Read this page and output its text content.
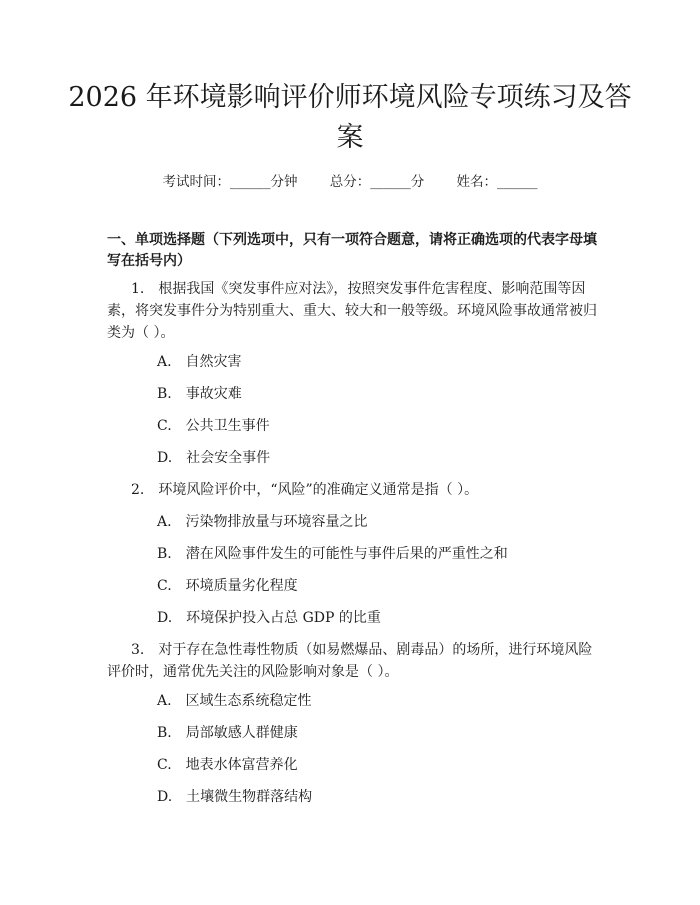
2026 年环境影响评价师环境风险专项练习及答案
考试时间：______分钟 总分：______分 姓名：______
一、单项选择题（下列选项中，只有一项符合题意，请将正确选项的代表字母填写在括号内）
1.　根据我国《突发事件应对法》，按照突发事件危害程度、影响范围等因素，将突发事件分为特别重大、重大、较大和一般等级。环境风险事故通常被归类为（ ）。
A.　自然灾害
B.　事故灾难
C.　公共卫生事件
D.　社会安全事件
2.　环境风险评价中，“风险”的准确定义通常是指（ ）。
A.　污染物排放量与环境容量之比
B.　潜在风险事件发生的可能性与事件后果的严重性之和
C.　环境质量劣化程度
D.　环境保护投入占总 GDP 的比重
3.　对于存在急性毒性物质（如易燃爆品、剧毒品）的场所，进行环境风险评价时，通常优先关注的风险影响对象是（ ）。
A.　区域生态系统稳定性
B.　局部敏感人群健康
C.　地表水体富营养化
D.　土壤微生物群落结构
